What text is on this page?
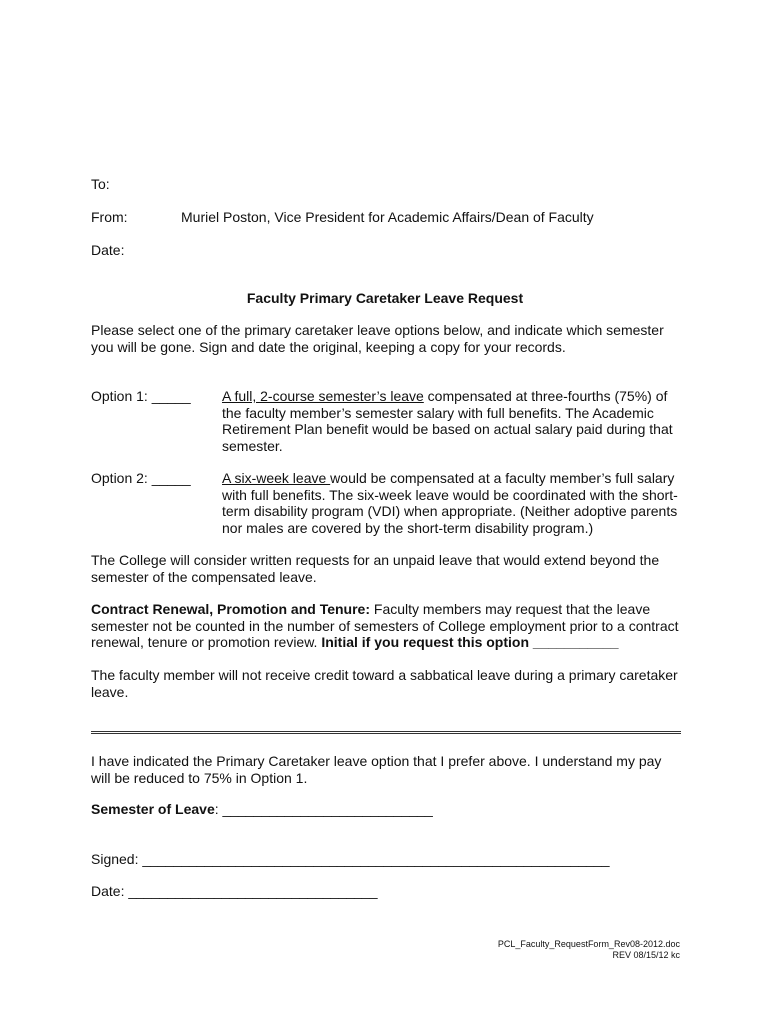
To:
From:	Muriel Poston, Vice President for Academic Affairs/Dean of Faculty
Date:
Faculty Primary Caretaker Leave Request
Please select one of the primary caretaker leave options below, and indicate which semester you will be gone. Sign and date the original, keeping a copy for your records.
Option 1: _____ A full, 2-course semester’s leave compensated at three-fourths (75%) of the faculty member’s semester salary with full benefits. The Academic Retirement Plan benefit would be based on actual salary paid during that semester.
Option 2: _____ A six-week leave would be compensated at a faculty member’s full salary with full benefits. The six-week leave would be coordinated with the short-term disability program (VDI) when appropriate. (Neither adoptive parents nor males are covered by the short-term disability program.)
The College will consider written requests for an unpaid leave that would extend beyond the semester of the compensated leave.
Contract Renewal, Promotion and Tenure: Faculty members may request that the leave semester not be counted in the number of semesters of College employment prior to a contract renewal, tenure or promotion review. Initial if you request this option ___________
The faculty member will not receive credit toward a sabbatical leave during a primary caretaker leave.
I have indicated the Primary Caretaker leave option that I prefer above. I understand my pay will be reduced to 75% in Option 1.
Semester of Leave: ___________________________
Signed: ____________________________________________________________
Date: ________________________________
PCL_Faculty_RequestForm_Rev08-2012.doc
REV 08/15/12 kc
